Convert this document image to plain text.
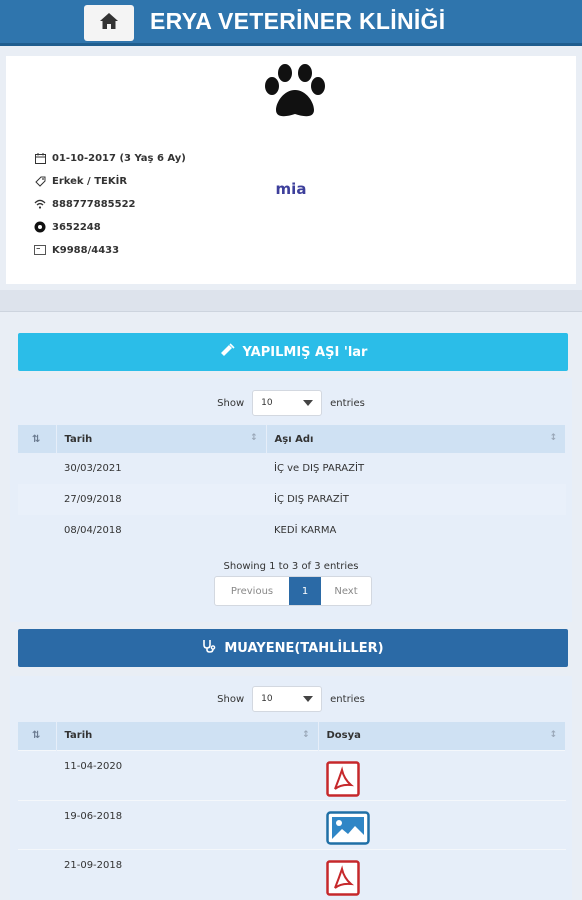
ERYA VETERİNER KLİNİĞİ
mia
01-10-2017 (3 Yaş 6 Ay)
Erkek / TEKİR
888777885522
3652248
K9988/4433
YAPILMIŞ AŞI 'lar
Show 10	entries
⇅	Tarih ↕	Aşı Adı ↕

	30/03/2021	İÇ ve DIŞ PARAZİT
	27/09/2018	İÇ DIŞ PARAZİT
	08/04/2018	KEDİ KARMA
Showing 1 to 3 of 3 entries
Previous	1	Next
MUAYENE(TAHLİLLER)
Show 10	entries
⇅	Tarih ↕	Dosya ↕

	11-04-2020	
	19-06-2018	
	21-09-2018	
